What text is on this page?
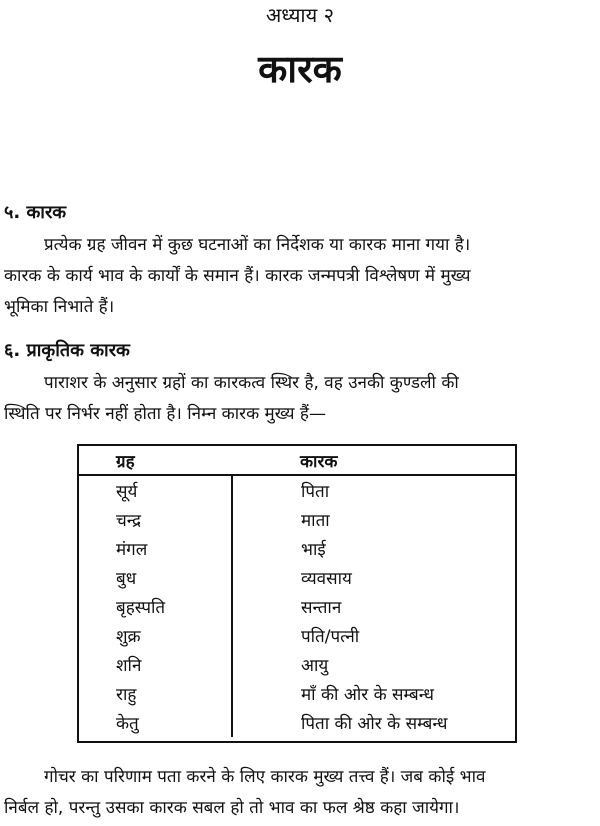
अध्याय २
कारक
५. कारक
प्रत्येक ग्रह जीवन में कुछ घटनाओं का निर्देशक या कारक माना गया है।
कारक के कार्य भाव के कार्यों के समान हैं। कारक जन्मपत्री विश्लेषण में मुख्य
भूमिका निभाते हैं।
६. प्राकृतिक कारक
पाराशर के अनुसार ग्रहों का कारकत्व स्थिर है, वह उनकी कुण्डली की
स्थिति पर निर्भर नहीं होता है। निम्न कारक मुख्य हैं—
ग्रह	कारक
सूर्य	पिता
चन्द्र	माता
मंगल	भाई
बुध	व्यवसाय
बृहस्पति	सन्तान
शुक्र	पति/पत्नी
शनि	आयु
राहु	माँ की ओर के सम्बन्ध
केतु	पिता की ओर के सम्बन्ध
गोचर का परिणाम पता करने के लिए कारक मुख्य तत्त्व हैं। जब कोई भाव
निर्बल हो, परन्तु उसका कारक सबल हो तो भाव का फल श्रेष्ठ कहा जायेगा।
